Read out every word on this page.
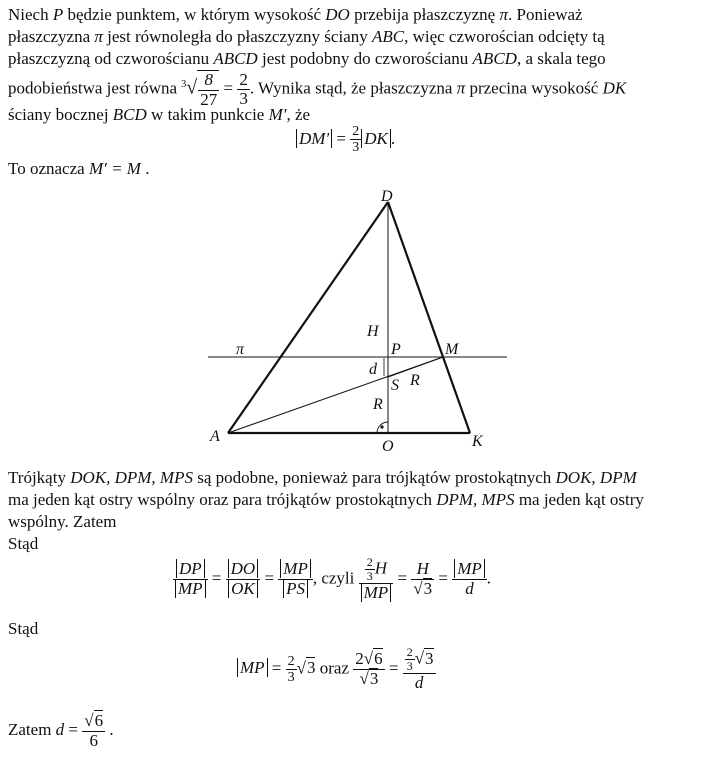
Niech P będzie punktem, w którym wysokość DO przebija płaszczyznę π. Ponieważ
płaszczyzna π jest równoległa do płaszczyzny ściany ABC, więc czworościan odcięty tą
płaszczyzną od czworościanu ABCD jest podobny do czworościanu ABCD, a skala tego
podobieństwa jest równa $^3√ \frac{8}{27} = \frac{2}{3}$ . Wynika stąd, że płaszczyzna π przecina wysokość DK
ściany bocznej BCD w takim punkcie M′, że
$DM' = \frac{2}{3}$ DK .
To oznacza M′ = M .
D
H
P	M
π
d
S R
R
A
O	K
Trójkąty DOK, DPM, MPS są podobne, ponieważ para trójkątów prostokątnych DOK, DPM
ma jeden kąt ostry wspólny oraz para trójkątów prostokątnych DPM, MPS ma jeden kąt ostry
wspólny. Zatem
Stąd
$\frac{DP}{MP} = \frac{DO}{OK} = \frac{MP}{PS}$ , czyli $\frac{\frac{2}{3} H}{MP} = \frac{H}{√3} = \frac{MP}{d}$ .
Stąd
MP = $\frac{2}{3} √3$ oraz $\frac{2√6}{√3} = \frac{\frac{2}{3} √3}{d}$
Zatem $d = \frac{√6}{6}$ .
